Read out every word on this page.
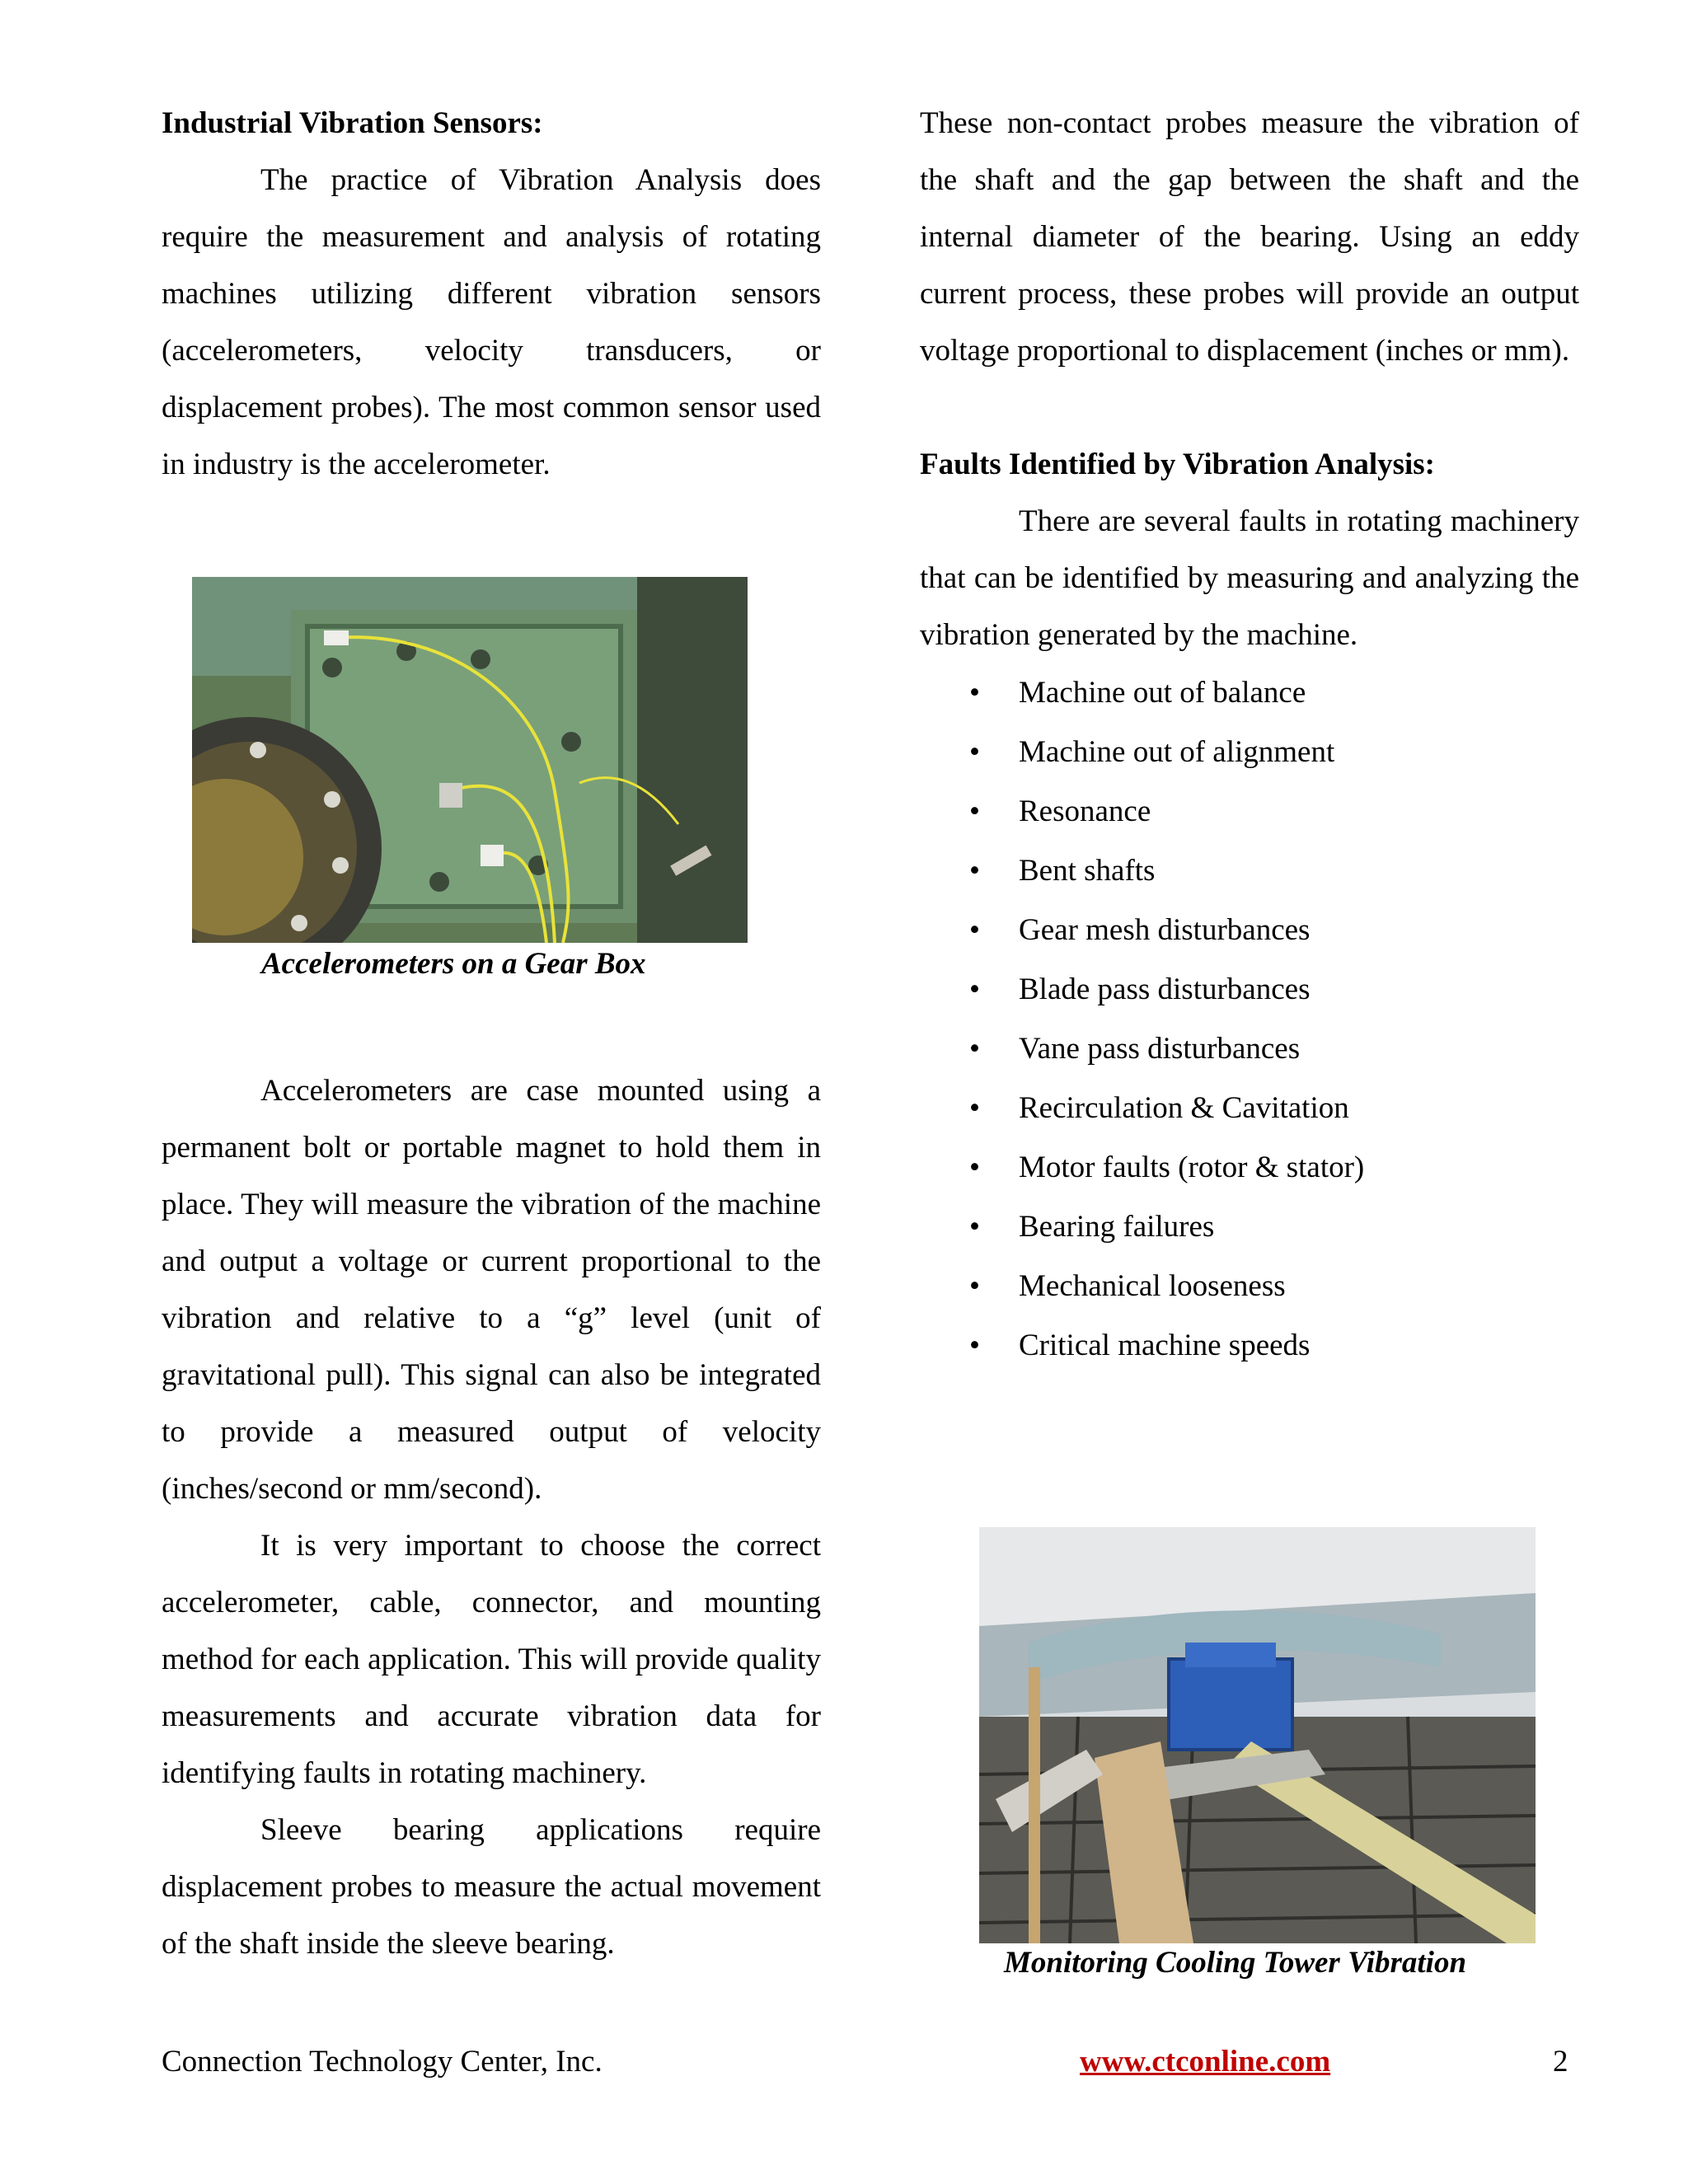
Industrial Vibration Sensors:

The practice of Vibration Analysis does require the measurement and analysis of rotating machines utilizing different vibration sensors (accelerometers, velocity transducers, or displacement probes). The most common sensor used in industry is the accelerometer.

Accelerometers on a Gear Box

Accelerometers are case mounted using a permanent bolt or portable magnet to hold them in place. They will measure the vibration of the machine and output a voltage or current proportional to the vibration and relative to a “g” level (unit of gravitational pull). This signal can also be integrated to provide a measured output of velocity (inches/second or mm/second).

It is very important to choose the correct accelerometer, cable, connector, and mounting method for each application. This will provide quality measurements and accurate vibration data for identifying faults in rotating machinery.

Sleeve bearing applications require displacement probes to measure the actual movement of the shaft inside the sleeve bearing.

These non-contact probes measure the vibration of the shaft and the gap between the shaft and the internal diameter of the bearing. Using an eddy current process, these probes will provide an output voltage proportional to displacement (inches or mm).

Faults Identified by Vibration Analysis:

There are several faults in rotating machinery that can be identified by measuring and analyzing the vibration generated by the machine.

• Machine out of balance
• Machine out of alignment
• Resonance
• Bent shafts
• Gear mesh disturbances
• Blade pass disturbances
• Vane pass disturbances
• Recirculation & Cavitation
• Motor faults (rotor & stator)
• Bearing failures
• Mechanical looseness
• Critical machine speeds
Monitoring Cooling Tower Vibration
Connection Technology Center, Inc.	www.ctconline.com	2
